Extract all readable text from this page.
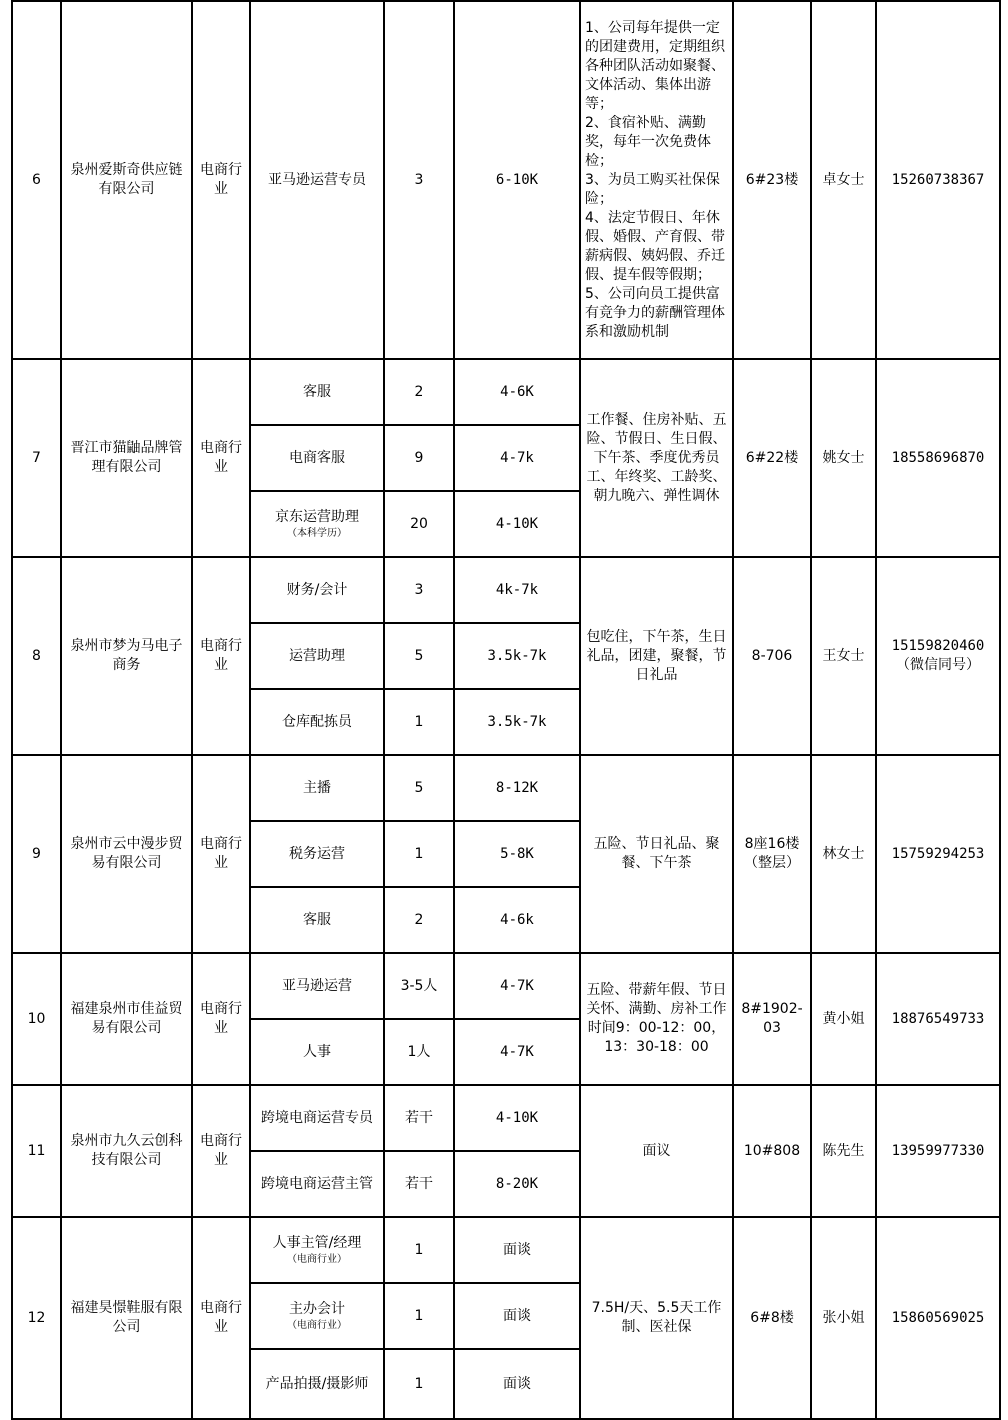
6	泉州爱斯奇供应链有限公司	电商行业	亚马逊运营专员	3	6-10K	1、公司每年提供一定的团建费用，定期组织各种团队活动如聚餐、文体活动、集体出游等；
2、食宿补贴、满勤奖，每年一次免费体检；
3、为员工购买社保保险；
4、法定节假日、年休假、婚假、产育假、带薪病假、姨妈假、乔迁假、提车假等假期；
5、公司向员工提供富有竞争力的薪酬管理体系和激励机制	6#23楼	卓女士	15260738367
7	晋江市猫鼬品牌管理有限公司	电商行业	客服	2	4-6K	工作餐、住房补贴、五险、节假日、生日假、下午茶、季度优秀员工、年终奖、工龄奖、朝九晚六、弹性调休	6#22楼	姚女士	18558696870
			电商客服	9	4-7k				
			京东运营助理
（本科学历）	20	4-10K				
8	泉州市梦为马电子商务	电商行业	财务/会计	3	4k-7k	包吃住，下午茶，生日礼品，团建，聚餐，节日礼品	8-706	王女士	15159820460（微信同号）
			运营助理	5	3.5k-7k				
			仓库配拣员	1	3.5k-7k				
9	泉州市云中漫步贸易有限公司	电商行业	主播	5	8-12K	五险、节日礼品、聚餐、下午茶	8座16楼（整层）	林女士	15759294253
			税务运营	1	5-8K				
			客服	2	4-6k				
10	福建泉州市佳益贸易有限公司	电商行业	亚马逊运营	3-5人	4-7K	五险、带薪年假、节日关怀、满勤、房补工作时间9：00-12：00，13：30-18：00	8#1902-03	黄小姐	18876549733
			人事	1人	4-7K				
11	泉州市九久云创科技有限公司	电商行业	跨境电商运营专员	若干	4-10K	面议	10#808	陈先生	13959977330
			跨境电商运营主管	若干	8-20K				
12	福建昊憬鞋服有限公司	电商行业	人事主管/经理
（电商行业）	1	面谈	7.5H/天、5.5天工作制、医社保	6#8楼	张小姐	15860569025
			主办会计
（电商行业）	1	面谈				
			产品拍摄/摄影师	1	面谈				
